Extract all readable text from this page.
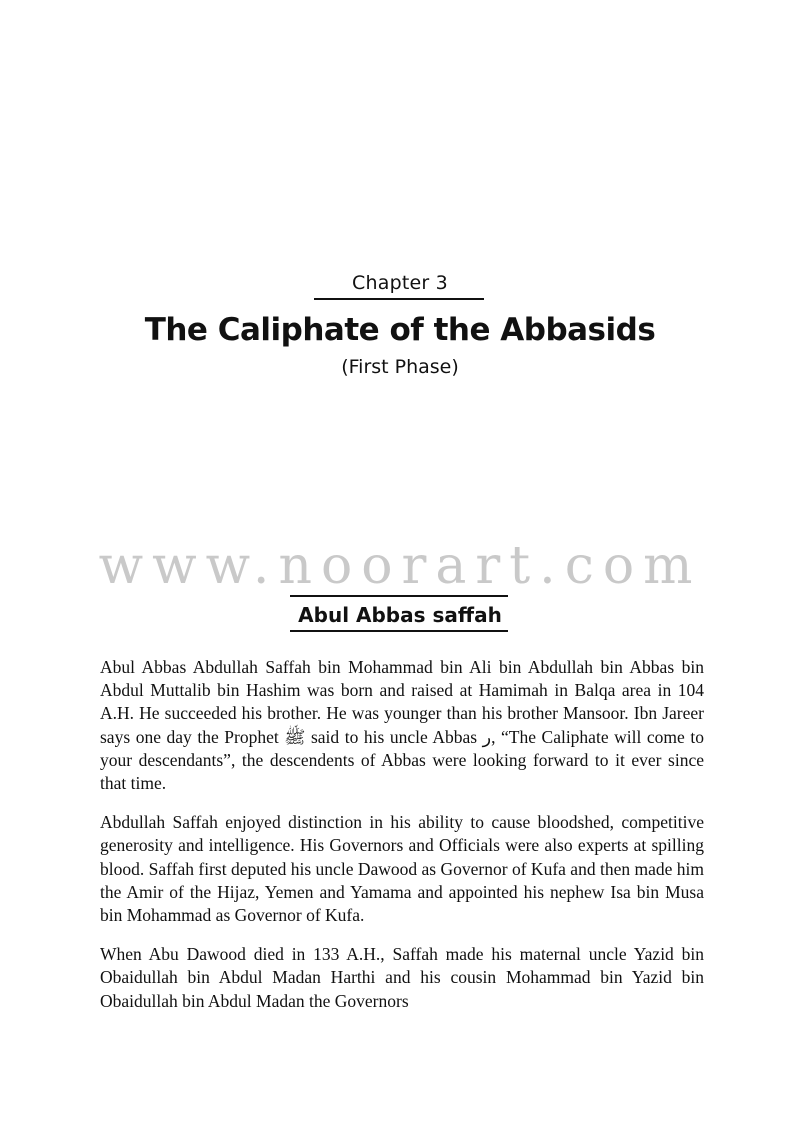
Chapter 3
The Caliphate of the Abbasids
(First Phase)
www.noorart.com
Abul Abbas saffah

Abul Abbas Abdullah Saffah bin Mohammad bin Ali bin Abdullah bin Abbas bin Abdul Muttalib bin Hashim was born and raised at Hamimah in Balqa area in 104 A.H. He succeeded his brother. He was younger than his brother Mansoor. Ibn Jareer says one day the Prophet ﷺ said to his uncle Abbas ر, “The Caliphate will come to your descendants”, the descendents of Abbas were looking forward to it ever since that time.

Abdullah Saffah enjoyed distinction in his ability to cause bloodshed, competitive generosity and intelligence. His Governors and Officials were also experts at spilling blood. Saffah first deputed his uncle Dawood as Governor of Kufa and then made him the Amir of the Hijaz, Yemen and Yamama and appointed his nephew Isa bin Musa bin Mohammad as Governor of Kufa.

When Abu Dawood died in 133 A.H., Saffah made his maternal uncle Yazid bin Obaidullah bin Abdul Madan Harthi and his cousin Mohammad bin Yazid bin Obaidullah bin Abdul Madan the Governors
